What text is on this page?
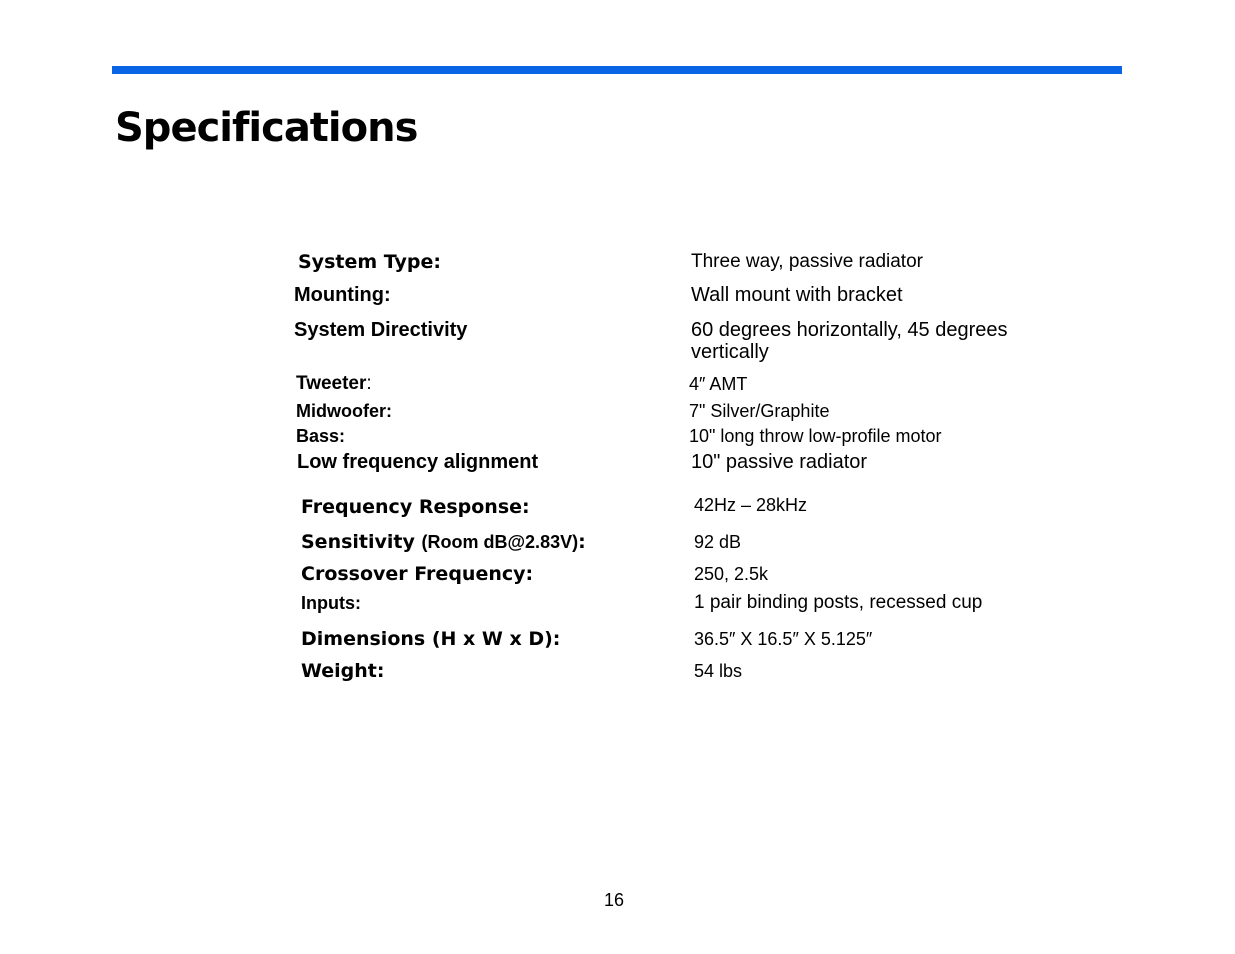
Specifications
System Type:	Three way, passive radiator
Mounting:	Wall mount with bracket
System Directivity	60 degrees horizontally, 45 degrees vertically
Tweeter:	4″ AMT
Midwoofer:	7" Silver/Graphite
Bass:	10" long throw low-profile motor
Low frequency alignment	10" passive radiator
Frequency Response:	42Hz – 28kHz
Sensitivity (Room dB@2.83V):	92 dB
Crossover Frequency:	250, 2.5k
Inputs:	1 pair binding posts, recessed cup
Dimensions (H x W x D):	36.5″ X 16.5″ X 5.125″
Weight:	54 lbs
16
